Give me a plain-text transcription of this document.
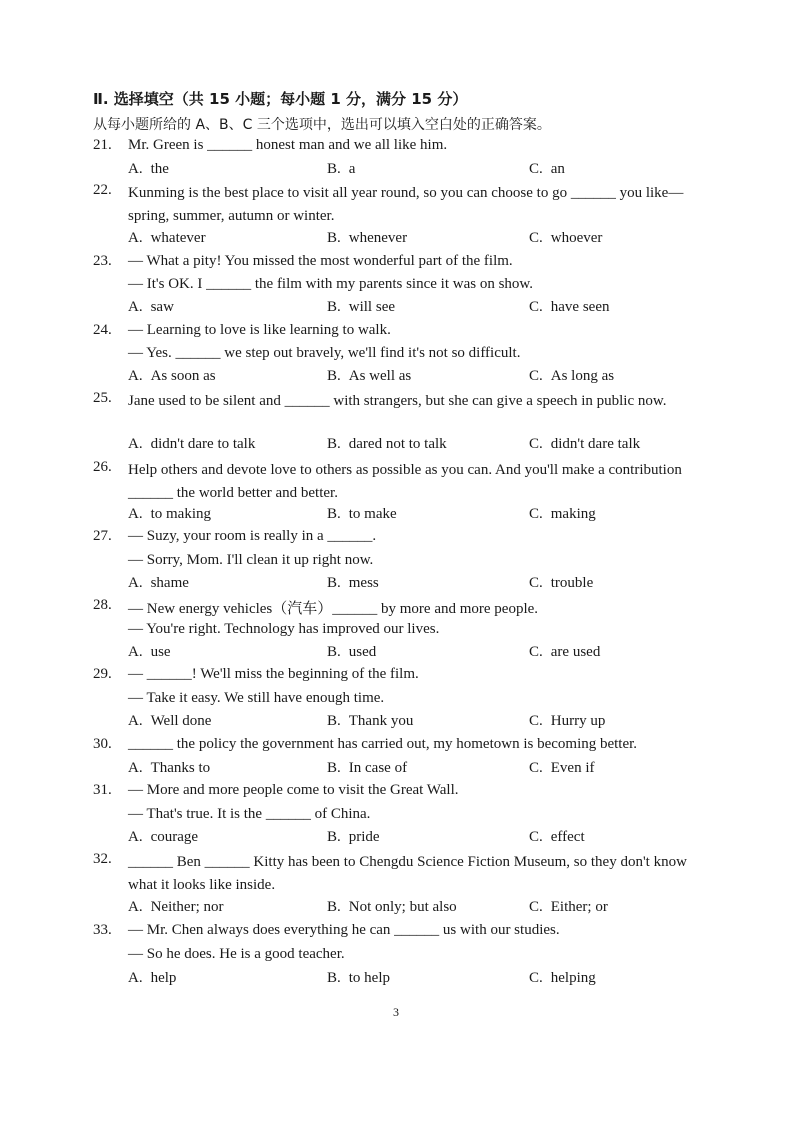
Ⅱ. 选择填空（共 15 小题；每小题 1 分，满分 15 分）
从每小题所给的 A、B、C 三个选项中，选出可以填入空白处的正确答案。
21. Mr. Green is ______ honest man and we all like him.
A. the	B. a	C. an
22. Kunming is the best place to visit all year round, so you can choose to go ______ you like—spring, summer, autumn or winter.
A. whatever	B. whenever	C. whoever
23. — What a pity! You missed the most wonderful part of the film.
— It's OK. I ______ the film with my parents since it was on show.
A. saw	B. will see	C. have seen
24. — Learning to love is like learning to walk.
— Yes. ______ we step out bravely, we'll find it's not so difficult.
A. As soon as	B. As well as	C. As long as
25. Jane used to be silent and ______ with strangers, but she can give a speech in public now.
A. didn't dare to talk	B. dared not to talk	C. didn't dare talk
26. Help others and devote love to others as possible as you can. And you'll make a contribution ______ the world better and better.
A. to making	B. to make	C. making
27. — Suzy, your room is really in a ______.
— Sorry, Mom. I'll clean it up right now.
A. shame	B. mess	C. trouble
28. — New energy vehicles（汽车）______ by more and more people.
— You're right. Technology has improved our lives.
A. use	B. used	C. are used
29. — ______! We'll miss the beginning of the film.
— Take it easy. We still have enough time.
A. Well done	B. Thank you	C. Hurry up
30. ______ the policy the government has carried out, my hometown is becoming better.
A. Thanks to	B. In case of	C. Even if
31. — More and more people come to visit the Great Wall.
— That's true. It is the ______ of China.
A. courage	B. pride	C. effect
32. ______ Ben ______ Kitty has been to Chengdu Science Fiction Museum, so they don't know what it looks like inside.
A. Neither; nor	B. Not only; but also	C. Either; or
33. — Mr. Chen always does everything he can ______ us with our studies.
— So he does. He is a good teacher.
A. help	B. to help	C. helping
3
